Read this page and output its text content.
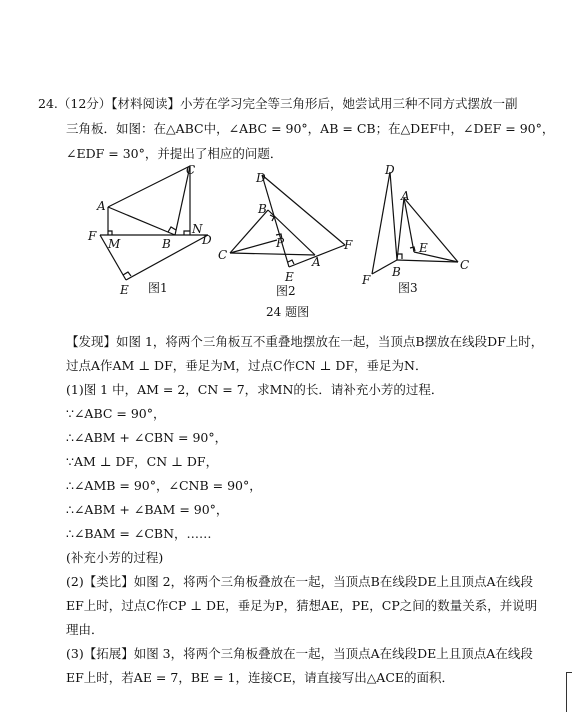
24.（12分）【材料阅读】小芳在学习完全等三角形后，她尝试用三种不同方式摆放一副
三角板．如图：在△ABC中，∠ABC = 90°，AB = CB；在△DEF中，∠DEF = 90°，
∠EDF = 30°，并提出了相应的问题．
C
A
F
M	B
N
D
E 图1
D
B
P
C
E
A
F
图2
D
A
E
F
B	C
图3
24 题图
【发现】如图 1，将两个三角板互不重叠地摆放在一起，当顶点B摆放在线段DF上时，
过点A作AM ⊥ DF，垂足为M，过点C作CN ⊥ DF，垂足为N．
(1)图 1 中，AM = 2，CN = 7，求MN的长．请补充小芳的过程．
∵∠ABC = 90°，
∴∠ABM + ∠CBN = 90°，
∵AM ⊥ DF，CN ⊥ DF，
∴∠AMB = 90°，∠CNB = 90°，
∴∠ABM + ∠BAM = 90°，
∴∠BAM = ∠CBN，……
(补充小芳的过程)
(2)【类比】如图 2，将两个三角板叠放在一起，当顶点B在线段DE上且顶点A在线段
EF上时，过点C作CP ⊥ DE，垂足为P，猜想AE，PE，CP之间的数量关系，并说明
理由．
(3)【拓展】如图 3，将两个三角板叠放在一起，当顶点A在线段DE上且顶点A在线段
EF上时，若AE = 7，BE = 1，连接CE，请直接写出△ACE的面积．
